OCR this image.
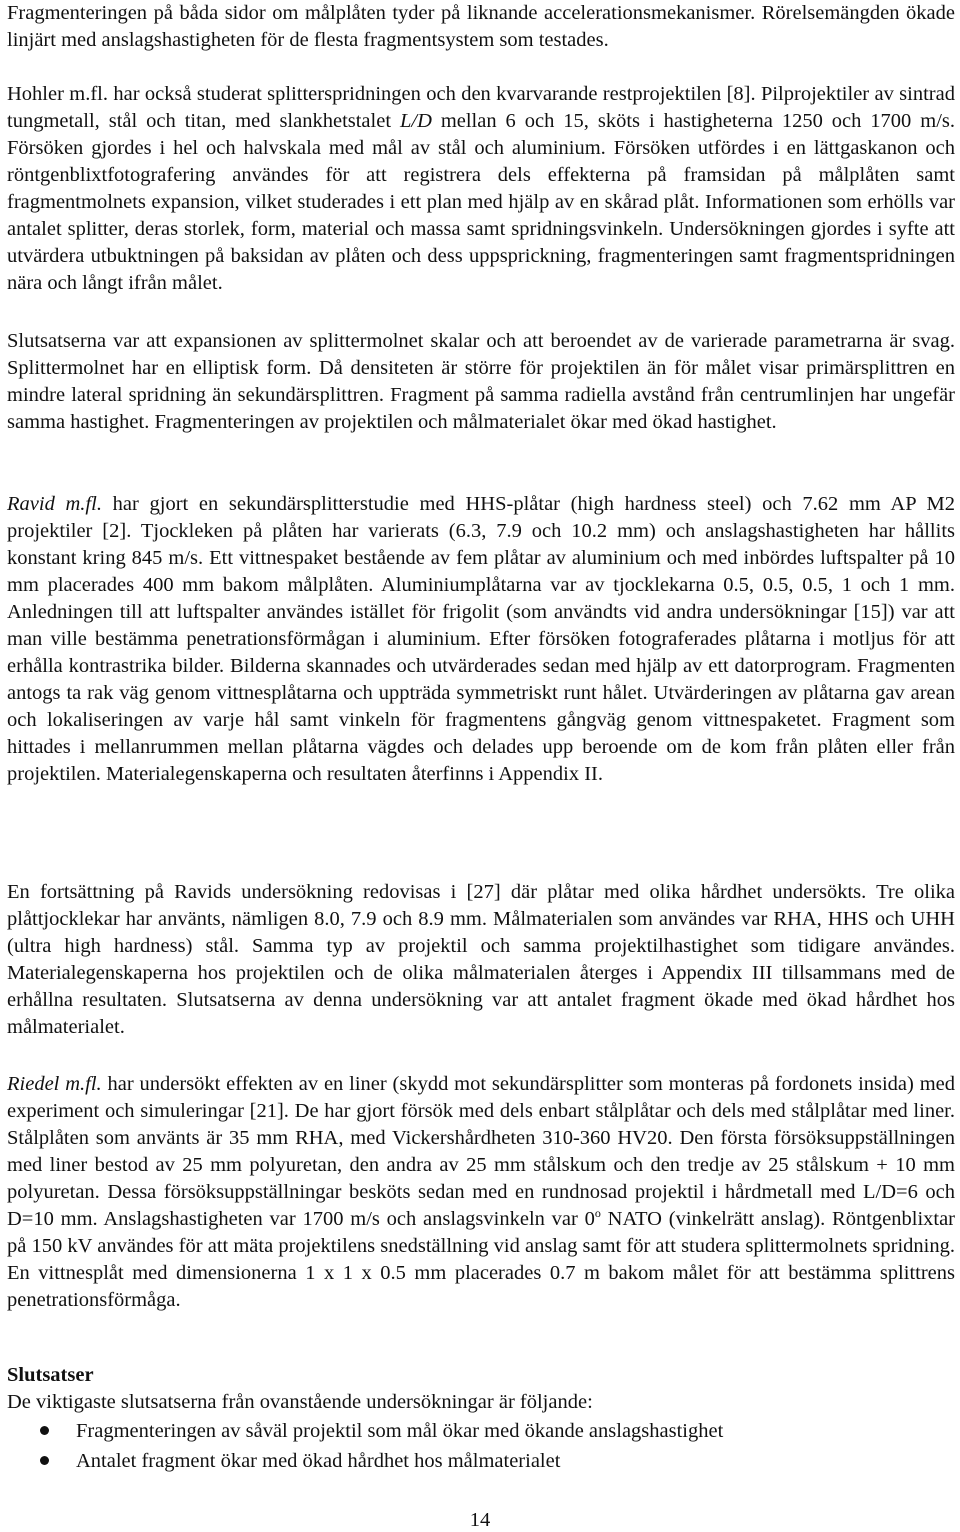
Fragmenteringen på båda sidor om målplåten tyder på liknande accelerationsmekanismer. Rörelsemängden ökade linjärt med anslagshastigheten för de flesta fragmentsystem som testades.

Hohler m.fl. har också studerat splitterspridningen och den kvarvarande restprojektilen [8]. Pilprojektiler av sintrad tungmetall, stål och titan, med slankhetstalet L/D mellan 6 och 15, sköts i hastigheterna 1250 och 1700 m/s. Försöken gjordes i hel och halvskala med mål av stål och aluminium. Försöken utfördes i en lättgaskanon och röntgenblixtfotografering användes för att registrera dels effekterna på framsidan på målplåten samt fragmentmolnets expansion, vilket studerades i ett plan med hjälp av en skårad plåt. Informationen som erhölls var antalet splitter, deras storlek, form, material och massa samt spridningsvinkeln. Undersökningen gjordes i syfte att utvärdera utbuktningen på baksidan av plåten och dess uppsprickning, fragmenteringen samt fragmentspridningen nära och långt ifrån målet.

Slutsatserna var att expansionen av splittermolnet skalar och att beroendet av de varierade parametrarna är svag. Splittermolnet har en elliptisk form. Då densiteten är större för projektilen än för målet visar primärsplittren en mindre lateral spridning än sekundärsplittren. Fragment på samma radiella avstånd från centrumlinjen har ungefär samma hastighet. Fragmenteringen av projektilen och målmaterialet ökar med ökad hastighet.

Ravid m.fl. har gjort en sekundärsplitterstudie med HHS-plåtar (high hardness steel) och 7.62 mm AP M2 projektiler [2]. Tjockleken på plåten har varierats (6.3, 7.9 och 10.2 mm) och anslagshastigheten har hållits konstant kring 845 m/s. Ett vittnespaket bestående av fem plåtar av aluminium och med inbördes luftspalter på 10 mm placerades 400 mm bakom målplåten. Aluminiumplåtarna var av tjocklekarna 0.5, 0.5, 0.5, 1 och 1 mm. Anledningen till att luftspalter användes istället för frigolit (som användts vid andra undersökningar [15]) var att man ville bestämma penetrationsförmågan i aluminium. Efter försöken fotograferades plåtarna i motljus för att erhålla kontrastrika bilder. Bilderna skannades och utvärderades sedan med hjälp av ett datorprogram. Fragmenten antogs ta rak väg genom vittnesplåtarna och uppträda symmetriskt runt hålet. Utvärderingen av plåtarna gav arean och lokaliseringen av varje hål samt vinkeln för fragmentens gångväg genom vittnespaketet. Fragment som hittades i mellanrummen mellan plåtarna vägdes och delades upp beroende om de kom från plåten eller från projektilen. Materialegenskaperna och resultaten återfinns i Appendix II.

En fortsättning på Ravids undersökning redovisas i [27] där plåtar med olika hårdhet undersökts. Tre olika plåttjocklekar har använts, nämligen 8.0, 7.9 och 8.9 mm. Målmaterialen som användes var RHA, HHS och UHH (ultra high hardness) stål. Samma typ av projektil och samma projektilhastighet som tidigare användes. Materialegenskaperna hos projektilen och de olika målmaterialen återges i Appendix III tillsammans med de erhållna resultaten. Slutsatserna av denna undersökning var att antalet fragment ökade med ökad hårdhet hos målmaterialet.

Riedel m.fl. har undersökt effekten av en liner (skydd mot sekundärsplitter som monteras på fordonets insida) med experiment och simuleringar [21]. De har gjort försök med dels enbart stålplåtar och dels med stålplåtar med liner. Stålplåten som använts är 35 mm RHA, med Vickershårdheten 310-360 HV20. Den första försöksuppställningen med liner bestod av 25 mm polyuretan, den andra av 25 mm stålskum och den tredje av 25 stålskum + 10 mm polyuretan. Dessa försöksuppställningar besköts sedan med en rundnosad projektil i hårdmetall med L/D=6 och D=10 mm. Anslagshastigheten var 1700 m/s och anslagsvinkeln var 0$^o$ NATO (vinkelrätt anslag). Röntgenblixtar på 150 kV användes för att mäta projektilens snedställning vid anslag samt för att studera splittermolnets spridning. En vittnesplåt med dimensionerna 1 x 1 x 0.5 mm placerades 0.7 m bakom målet för att bestämma splittrens penetrationsförmåga.

Slutsatser

De viktigaste slutsatserna från ovanstående undersökningar är följande:

Fragmenteringen av såväl projektil som mål ökar med ökande anslagshastighet
Antalet fragment ökar med ökad hårdhet hos målmaterialet
14
